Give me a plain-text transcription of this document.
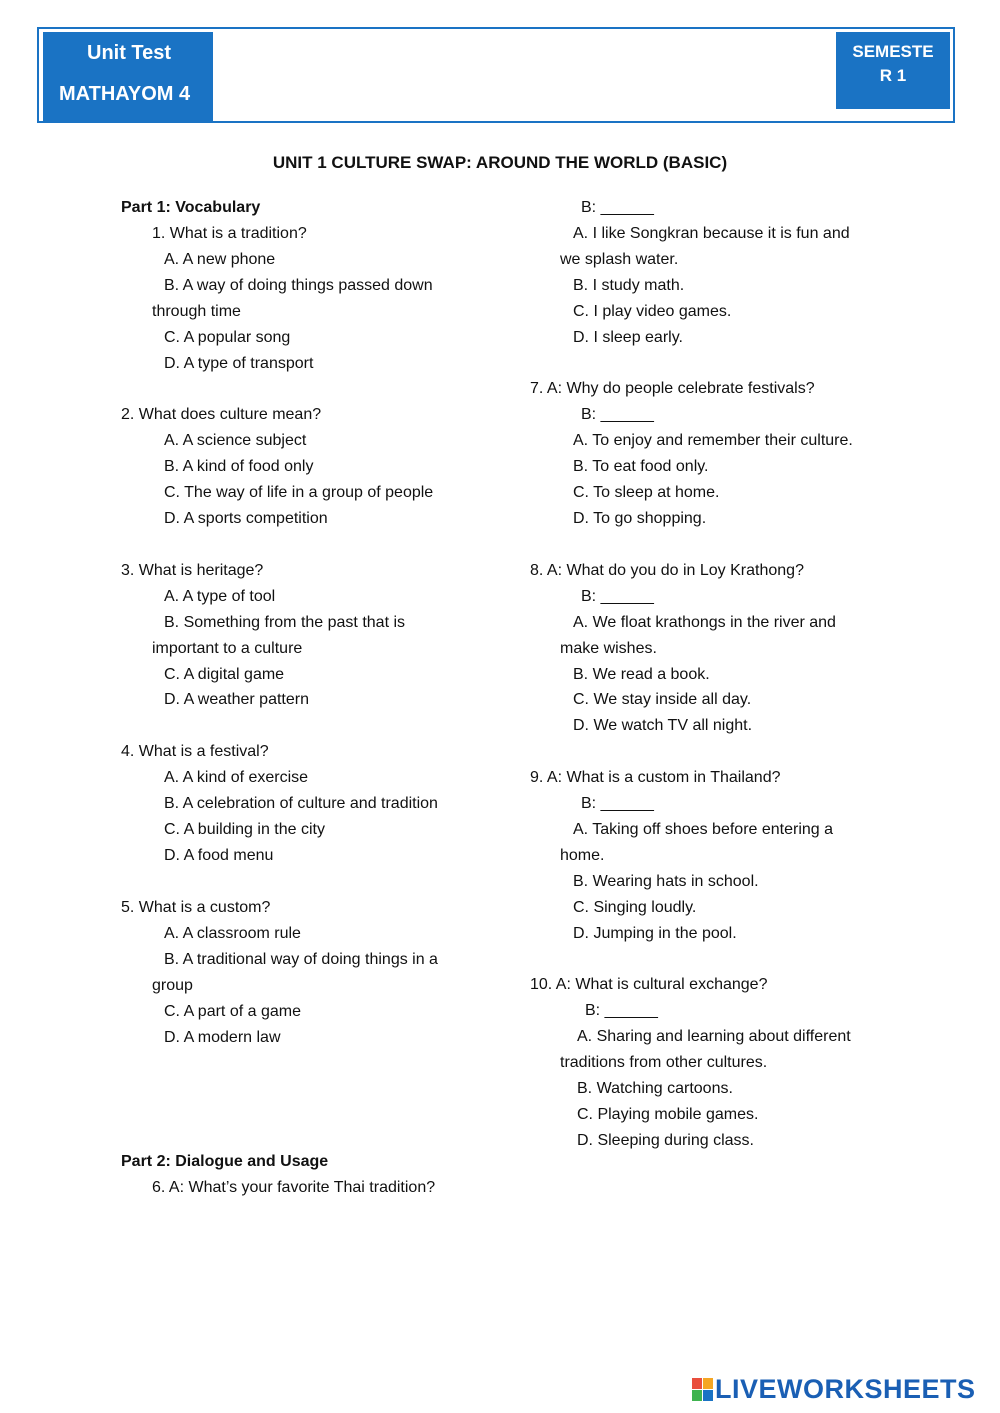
Unit Test
MATHAYOM 4
SEMESTE R 1
UNIT 1 CULTURE SWAP: AROUND THE WORLD (BASIC)
Part 1: Vocabulary
1. What is a tradition?
A. A new phone
B. A way of doing things passed down
through time
C. A popular song
D. A type of transport
2. What does culture mean?
A. A science subject
B. A kind of food only
C. The way of life in a group of people
D. A sports competition
3. What is heritage?
A. A type of tool
B. Something from the past that is
important to a culture
C. A digital game
D. A weather pattern
4. What is a festival?
A. A kind of exercise
B. A celebration of culture and tradition
C. A building in the city
D. A food menu
5. What is a custom?
A. A classroom rule
B. A traditional way of doing things in a
group
C. A part of a game
D. A modern law
Part 2: Dialogue and Usage
6. A: What’s your favorite Thai tradition?
B: ______
A. I like Songkran because it is fun and
we splash water.
B. I study math.
C. I play video games.
D. I sleep early.
7. A: Why do people celebrate festivals?
B: ______
A. To enjoy and remember their culture.
B. To eat food only.
C. To sleep at home.
D. To go shopping.
8. A: What do you do in Loy Krathong?
B: ______
A. We float krathongs in the river and
make wishes.
B. We read a book.
C. We stay inside all day.
D. We watch TV all night.
9. A: What is a custom in Thailand?
B: ______
A. Taking off shoes before entering a
home.
B. Wearing hats in school.
C. Singing loudly.
D. Jumping in the pool.
10. A: What is cultural exchange?
B: ______
A. Sharing and learning about different
traditions from other cultures.
B. Watching cartoons.
C. Playing mobile games.
D. Sleeping during class.
LIVEWORKSHEETS
